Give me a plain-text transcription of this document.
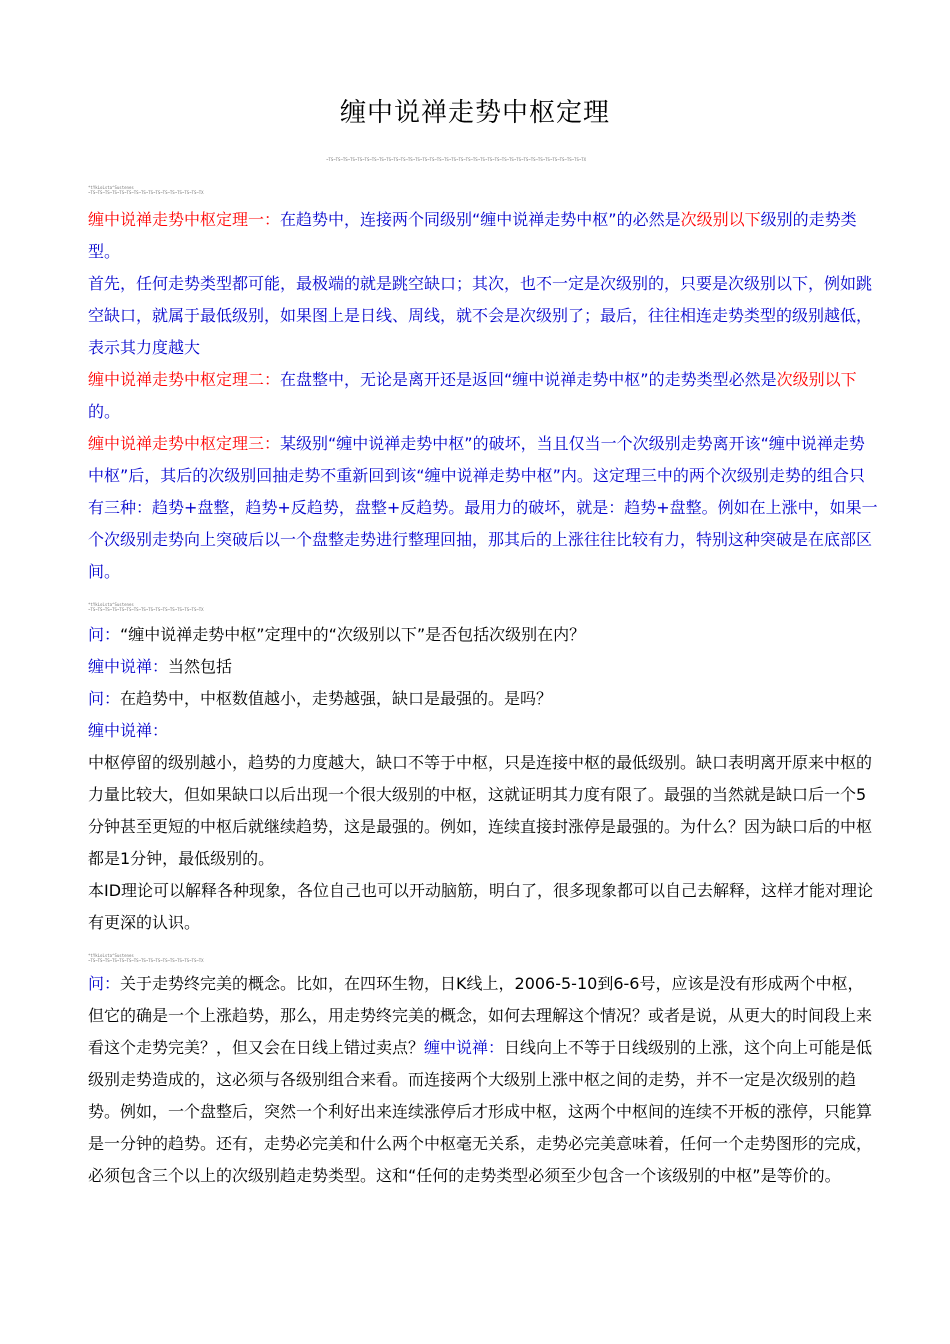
缠中说禅走势中枢定理
~TS~TS~TS~TS~TS~TS~TS~TS~TS~TS~TS~TS~TS~TS~TS~TS~TS~TS~TS~TS~TS~TS~TS~TS~TS~TS~TS~TS~TS~TS~TS~TS~TS~TS~TS~TX
*tYkLoLsta^Sustenes
~TS~TS~TS~TS~TS~TS~TS~TS~TS~TS~TS~TS~TS~TS~TS~TX

缠中说禅走势中枢定理一：在趋势中，连接两个同级别“缠中说禅走势中枢”的必然是次级别以下级别的走势类型。

首先，任何走势类型都可能，最极端的就是跳空缺口；其次，也不一定是次级别的，只要是次级别以下，例如跳空缺口，就属于最低级别，如果图上是日线、周线，就不会是次级别了；最后，往往相连走势类型的级别越低，表示其力度越大

缠中说禅走势中枢定理二：在盘整中，无论是离开还是返回“缠中说禅走势中枢”的走势类型必然是次级别以下的。

缠中说禅走势中枢定理三：某级别“缠中说禅走势中枢”的破坏，当且仅当一个次级别走势离开该“缠中说禅走势中枢”后，其后的次级别回抽走势不重新回到该“缠中说禅走势中枢”内。这定理三中的两个次级别走势的组合只有三种：趋势+盘整，趋势+反趋势，盘整+反趋势。最用力的破坏，就是：趋势+盘整。例如在上涨中，如果一个次级别走势向上突破后以一个盘整走势进行整理回抽，那其后的上涨往往比较有力，特别这种突破是在底部区间。

*tYkLoLsta^Sustenes
~TS~TS~TS~TS~TS~TS~TS~TS~TS~TS~TS~TS~TS~TS~TS~TX

问：“缠中说禅走势中枢”定理中的“次级别以下”是否包括次级别在内？

缠中说禅：当然包括

问：在趋势中，中枢数值越小，走势越强，缺口是最强的。是吗？

缠中说禅：

中枢停留的级别越小，趋势的力度越大，缺口不等于中枢，只是连接中枢的最低级别。缺口表明离开原来中枢的力量比较大，但如果缺口以后出现一个很大级别的中枢，这就证明其力度有限了。最强的当然就是缺口后一个5分钟甚至更短的中枢后就继续趋势，这是最强的。例如，连续直接封涨停是最强的。为什么？因为缺口后的中枢都是1分钟，最低级别的。

本ID理论可以解释各种现象，各位自己也可以开动脑筋，明白了，很多现象都可以自己去解释，这样才能对理论有更深的认识。

*tYkLoLsta^Sustenes
~TS~TS~TS~TS~TS~TS~TS~TS~TS~TS~TS~TS~TS~TS~TS~TX

问：关于走势终完美的概念。比如，在四环生物，日K线上，2006-5-10到6-6号，应该是没有形成两个中枢，但它的确是一个上涨趋势，那么，用走势终完美的概念，如何去理解这个情况？或者是说，从更大的时间段上来看这个走势完美？，但又会在日线上错过卖点？缠中说禅：日线向上不等于日线级别的上涨，这个向上可能是低级别走势造成的，这必须与各级别组合来看。而连接两个大级别上涨中枢之间的走势，并不一定是次级别的趋势。例如，一个盘整后，突然一个利好出来连续涨停后才形成中枢，这两个中枢间的连续不开板的涨停，只能算是一分钟的趋势。还有，走势必完美和什么两个中枢毫无关系，走势必完美意味着，任何一个走势图形的完成，必须包含三个以上的次级别趋走势类型。这和“任何的走势类型必须至少包含一个该级别的中枢”是等价的。
